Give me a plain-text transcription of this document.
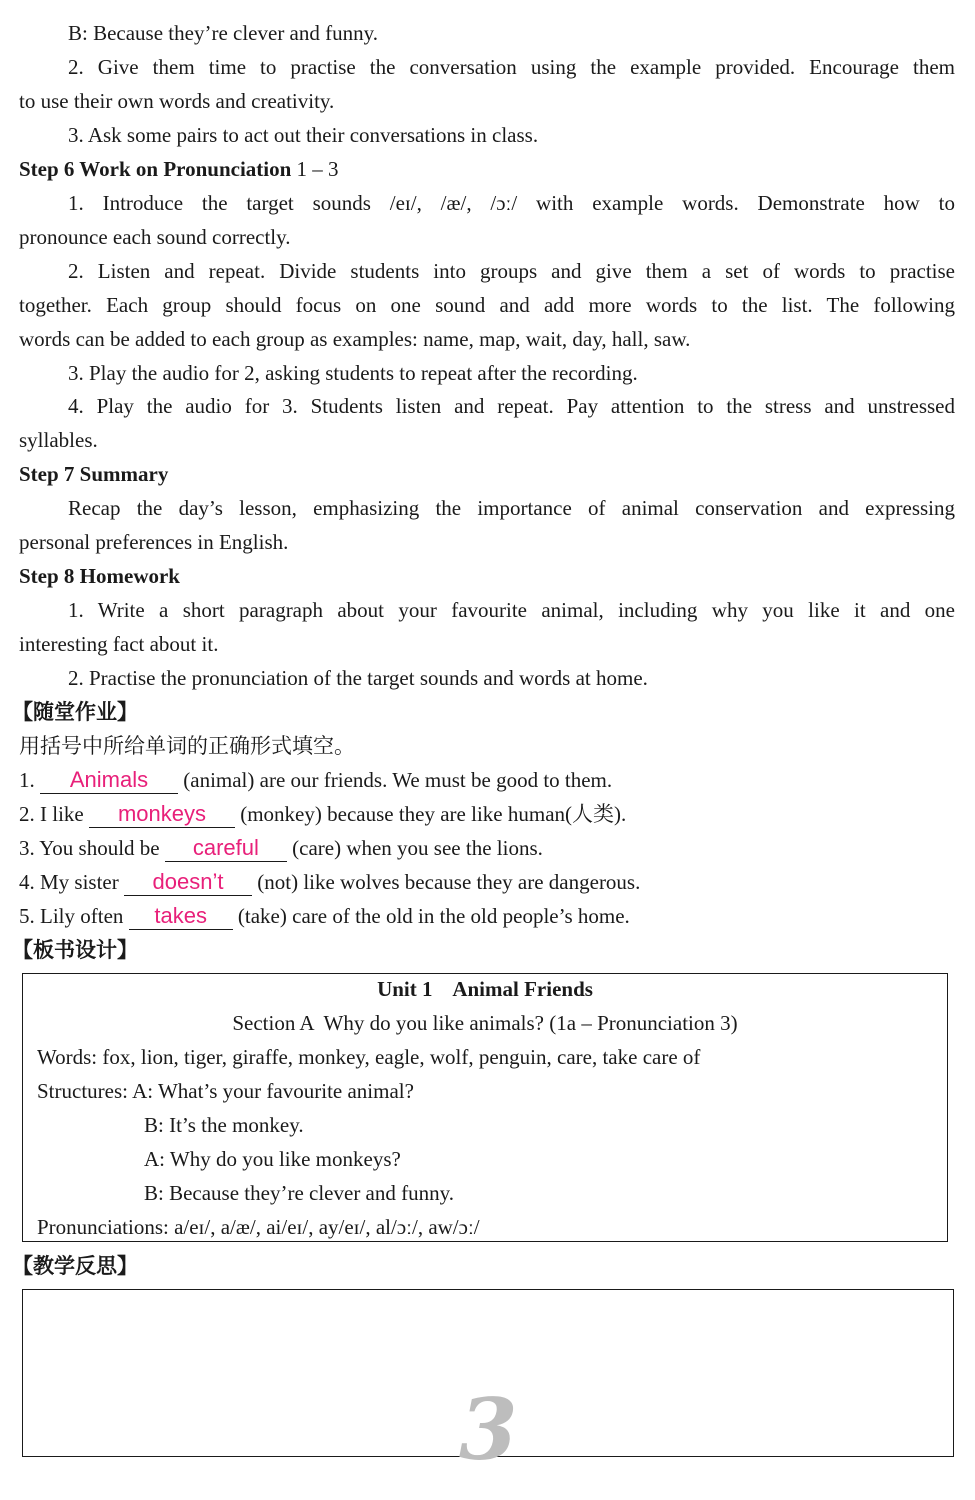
B: Because they’re clever and funny.
2. Give them time to practise the conversation using the example provided. Encourage them
to use their own words and creativity.
3. Ask some pairs to act out their conversations in class.
Step 6 Work on Pronunciation 1 – 3
1. Introduce the target sounds /eɪ/, /æ/, /ɔː/ with example words. Demonstrate how to
pronounce each sound correctly.
2. Listen and repeat. Divide students into groups and give them a set of words to practise
together. Each group should focus on one sound and add more words to the list. The following
words can be added to each group as examples: name, map, wait, day, hall, saw.
3. Play the audio for 2, asking students to repeat after the recording.
4. Play the audio for 3. Students listen and repeat. Pay attention to the stress and unstressed
syllables.
Step 7 Summary
Recap the day’s lesson, emphasizing the importance of animal conservation and expressing
personal preferences in English.
Step 8 Homework
1. Write a short paragraph about your favourite animal, including why you like it and one
interesting fact about it.
2. Practise the pronunciation of the target sounds and words at home.
【随堂作业】
用括号中所给单词的正确形式填空。
1. Animals (animal) are our friends. We must be good to them.
2. I like monkeys (monkey) because they are like human(人类).
3. You should be careful (care) when you see the lions.
4. My sister doesn’t (not) like wolves because they are dangerous.
5. Lily often takes (take) care of the old in the old people’s home.
【板书设计】
Unit 1    Animal Friends
Section A  Why do you like animals? (1a – Pronunciation 3)
Words: fox, lion, tiger, giraffe, monkey, eagle, wolf, penguin, care, take care of
Structures: A: What’s your favourite animal?
B: It’s the monkey.
A: Why do you like monkeys?
B: Because they’re clever and funny.
Pronunciations: a/eɪ/, a/æ/, ai/eɪ/, ay/eɪ/, al/ɔː/, aw/ɔː/
【教学反思】
3
